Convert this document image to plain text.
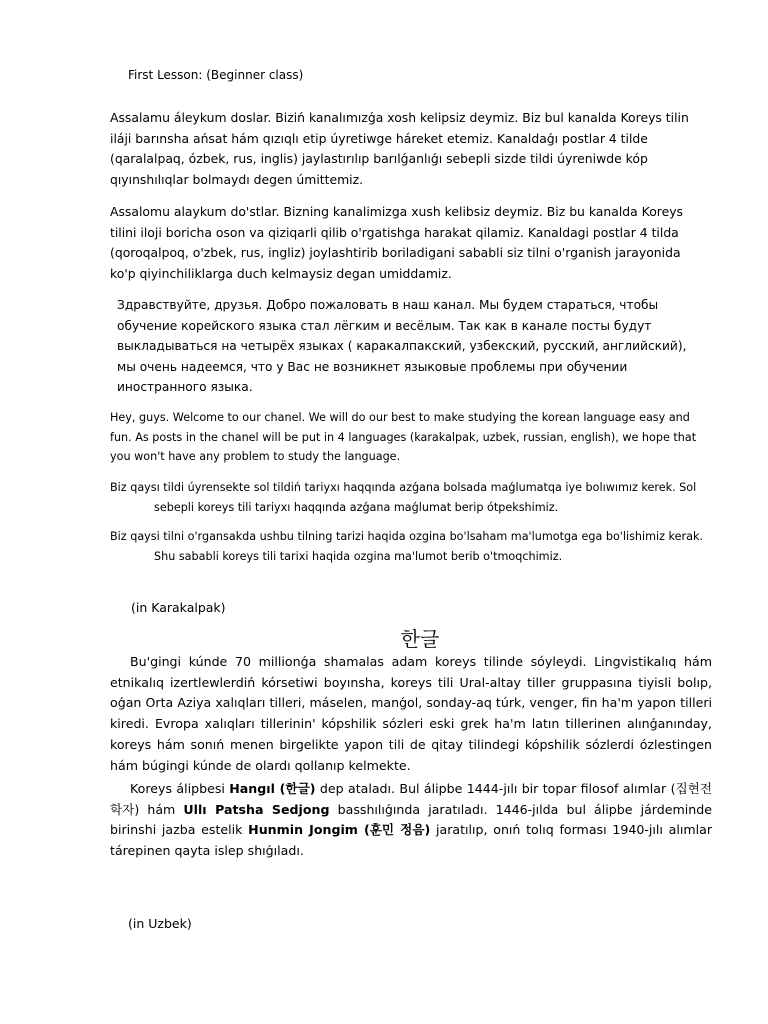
First Lesson: (Beginner class)

Assalamu áleykum doslar. Biziń kanalımızǵa xosh kelipsiz deymiz. Biz bul kanalda Koreys tilin iláji barınsha ańsat hám qızıqlı etip úyretiwge háreket etemiz. Kanaldaǵı postlar 4 tilde (qaralalpaq, ózbek, rus, inglis) jaylastırılıp barılǵanlıǵı sebepli sizde tildi úyreniwde kóp qıyınshılıqlar bolmaydı degen úmittemiz.

Assalomu alaykum do'stlar. Bizning kanalimizga xush kelibsiz deymiz. Biz bu kanalda Koreys tilini iloji boricha oson va qiziqarli qilib o'rgatishga harakat qilamiz. Kanaldagi postlar 4 tilda (qoroqalpoq, o'zbek, rus, ingliz) joylashtirib boriladigani sababli siz tilni o'rganish jarayonida ko'p qiyinchiliklarga duch kelmaysiz degan umiddamiz.

Здравствуйте, друзья. Добро пожаловать в наш канал. Мы будем стараться, чтобы обучение корейского языка стал лёгким и весёлым. Так как в канале посты будут выкладываться на четырёх языках ( каракалпакский, узбекский, русский, английский), мы очень надеемся, что у Вас не возникнет языковые проблемы при обучении иностранного языка.

Hey, guys. Welcome to our chanel. We will do our best to make studying the korean language easy and fun. As posts in the chanel will be put in 4 languages (karakalpak, uzbek, russian, english), we hope that you won't have any problem to study the language.

Biz qaysı tildi úyrensekte sol tildiń tariyxı haqqında azǵana bolsada maǵlumatqa iye bolıwımız kerek. Sol
sebepli koreys tili tariyxı haqqında azǵana maǵlumat berip ótpekshimiz.
Biz qaysi tilni o'rgansakda ushbu tilning tarizi haqida ozgina bo'lsaham ma'lumotga ega bo'lishimiz kerak.
Shu sababli koreys tili tarixi haqida ozgina ma'lumot berib o'tmoqchimiz.
(in Karakalpak)
한글

Bu'gingi kúnde 70 millionǵa shamalas adam koreys tilinde sóyleydi. Lingvistikalıq hám etnikalıq izertlewlerdiń kórsetiwi boyınsha, koreys tili Ural-altay tiller gruppasına tiyisli bolıp, oǵan Orta Aziya xalıqları tilleri, máselen, manǵol, sonday-aq túrk, venger, fin ha'm yapon tilleri kiredi. Evropa xalıqları tillerinin' kópshilik sózleri eski grek ha'm latın tillerinen alınǵanınday, koreys hám sonıń menen birgelikte yapon tili de qitay tilindegi kópshilik sózlerdi ózlestingen hám búgingi kúnde de olardı qollanıp kelmekte.

Koreys álipbesi Hangıl (한글) dep ataladı. Bul álipbe 1444-jılı bir topar filosof alımlar (집현전 학자) hám Ullı Patsha Sedjong basshılıǵında jaratıladı. 1446-jılda bul álipbe járdeminde birinshi jazba estelik Hunmin Jongim (훈민 정음) jaratılıp, onıń tolıq forması 1940-jılı alımlar tárepinen qayta islep shıǵıladı.

(in Uzbek)
